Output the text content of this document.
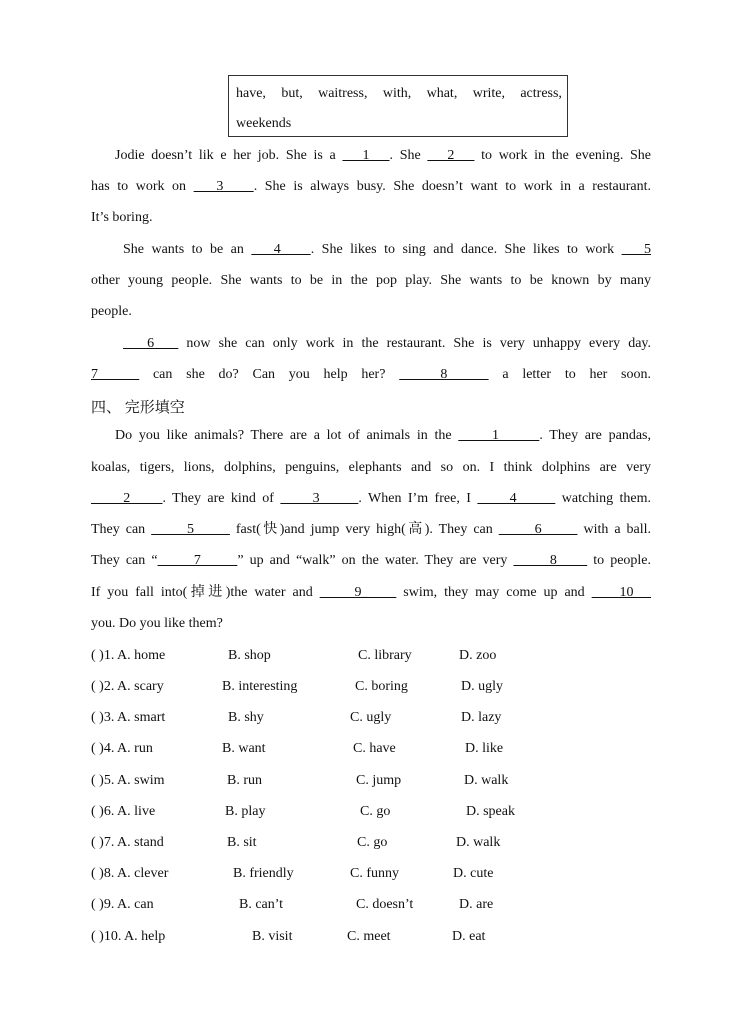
have, but, waitress, with, what, write, actress,
weekends
Jodie doesn’t lik e her job. She is a    1   . She    2    to work in the evening. She
has to work on    3    . She is always busy. She doesn’t want to work in a restaurant.
It’s boring.
She wants to be an    4    . She likes to sing and dance. She likes to work    5
other young people. She wants to be in the pop play. She wants to be known by many
people.
6    now she can only work in the restaurant. She is very unhappy every day.
7    can she do? Can you help her?    8    a letter to her soon.
四、 完形填空
Do you like animals? There are a lot of animals in the      1      . They are pandas,
koalas, tigers, lions, dolphins, penguins, elephants and so on. I think dolphins are very
2     . They are kind of      3      . When I’m free, I      4       watching them.
They can       5       fast(快)and jump very high(高). They can       6       with a ball.
They can “      7      ” up and “walk” on the water. They are very       8      to people.
If you fall into(掉进)the water and      9_     swim, they may come up and     10
you. Do you like them?
( )1. A. home	B. shop	C. library	D. zoo
( )2. A. scary	B. interesting	C. boring	D. ugly
( )3. A. smart	B. shy	C. ugly	D. lazy
( )4. A. run	B. want	C. have	D. like
( )5. A. swim	B. run	C. jump	D. walk
( )6. A. live	B. play	C. go	D. speak
( )7. A. stand	B. sit	C. go	D. walk
( )8. A. clever	B. friendly	C. funny	D. cute
( )9. A. can	B. can’t	C. doesn’t	D. are
( )10. A. help	B. visit	C. meet	D. eat
